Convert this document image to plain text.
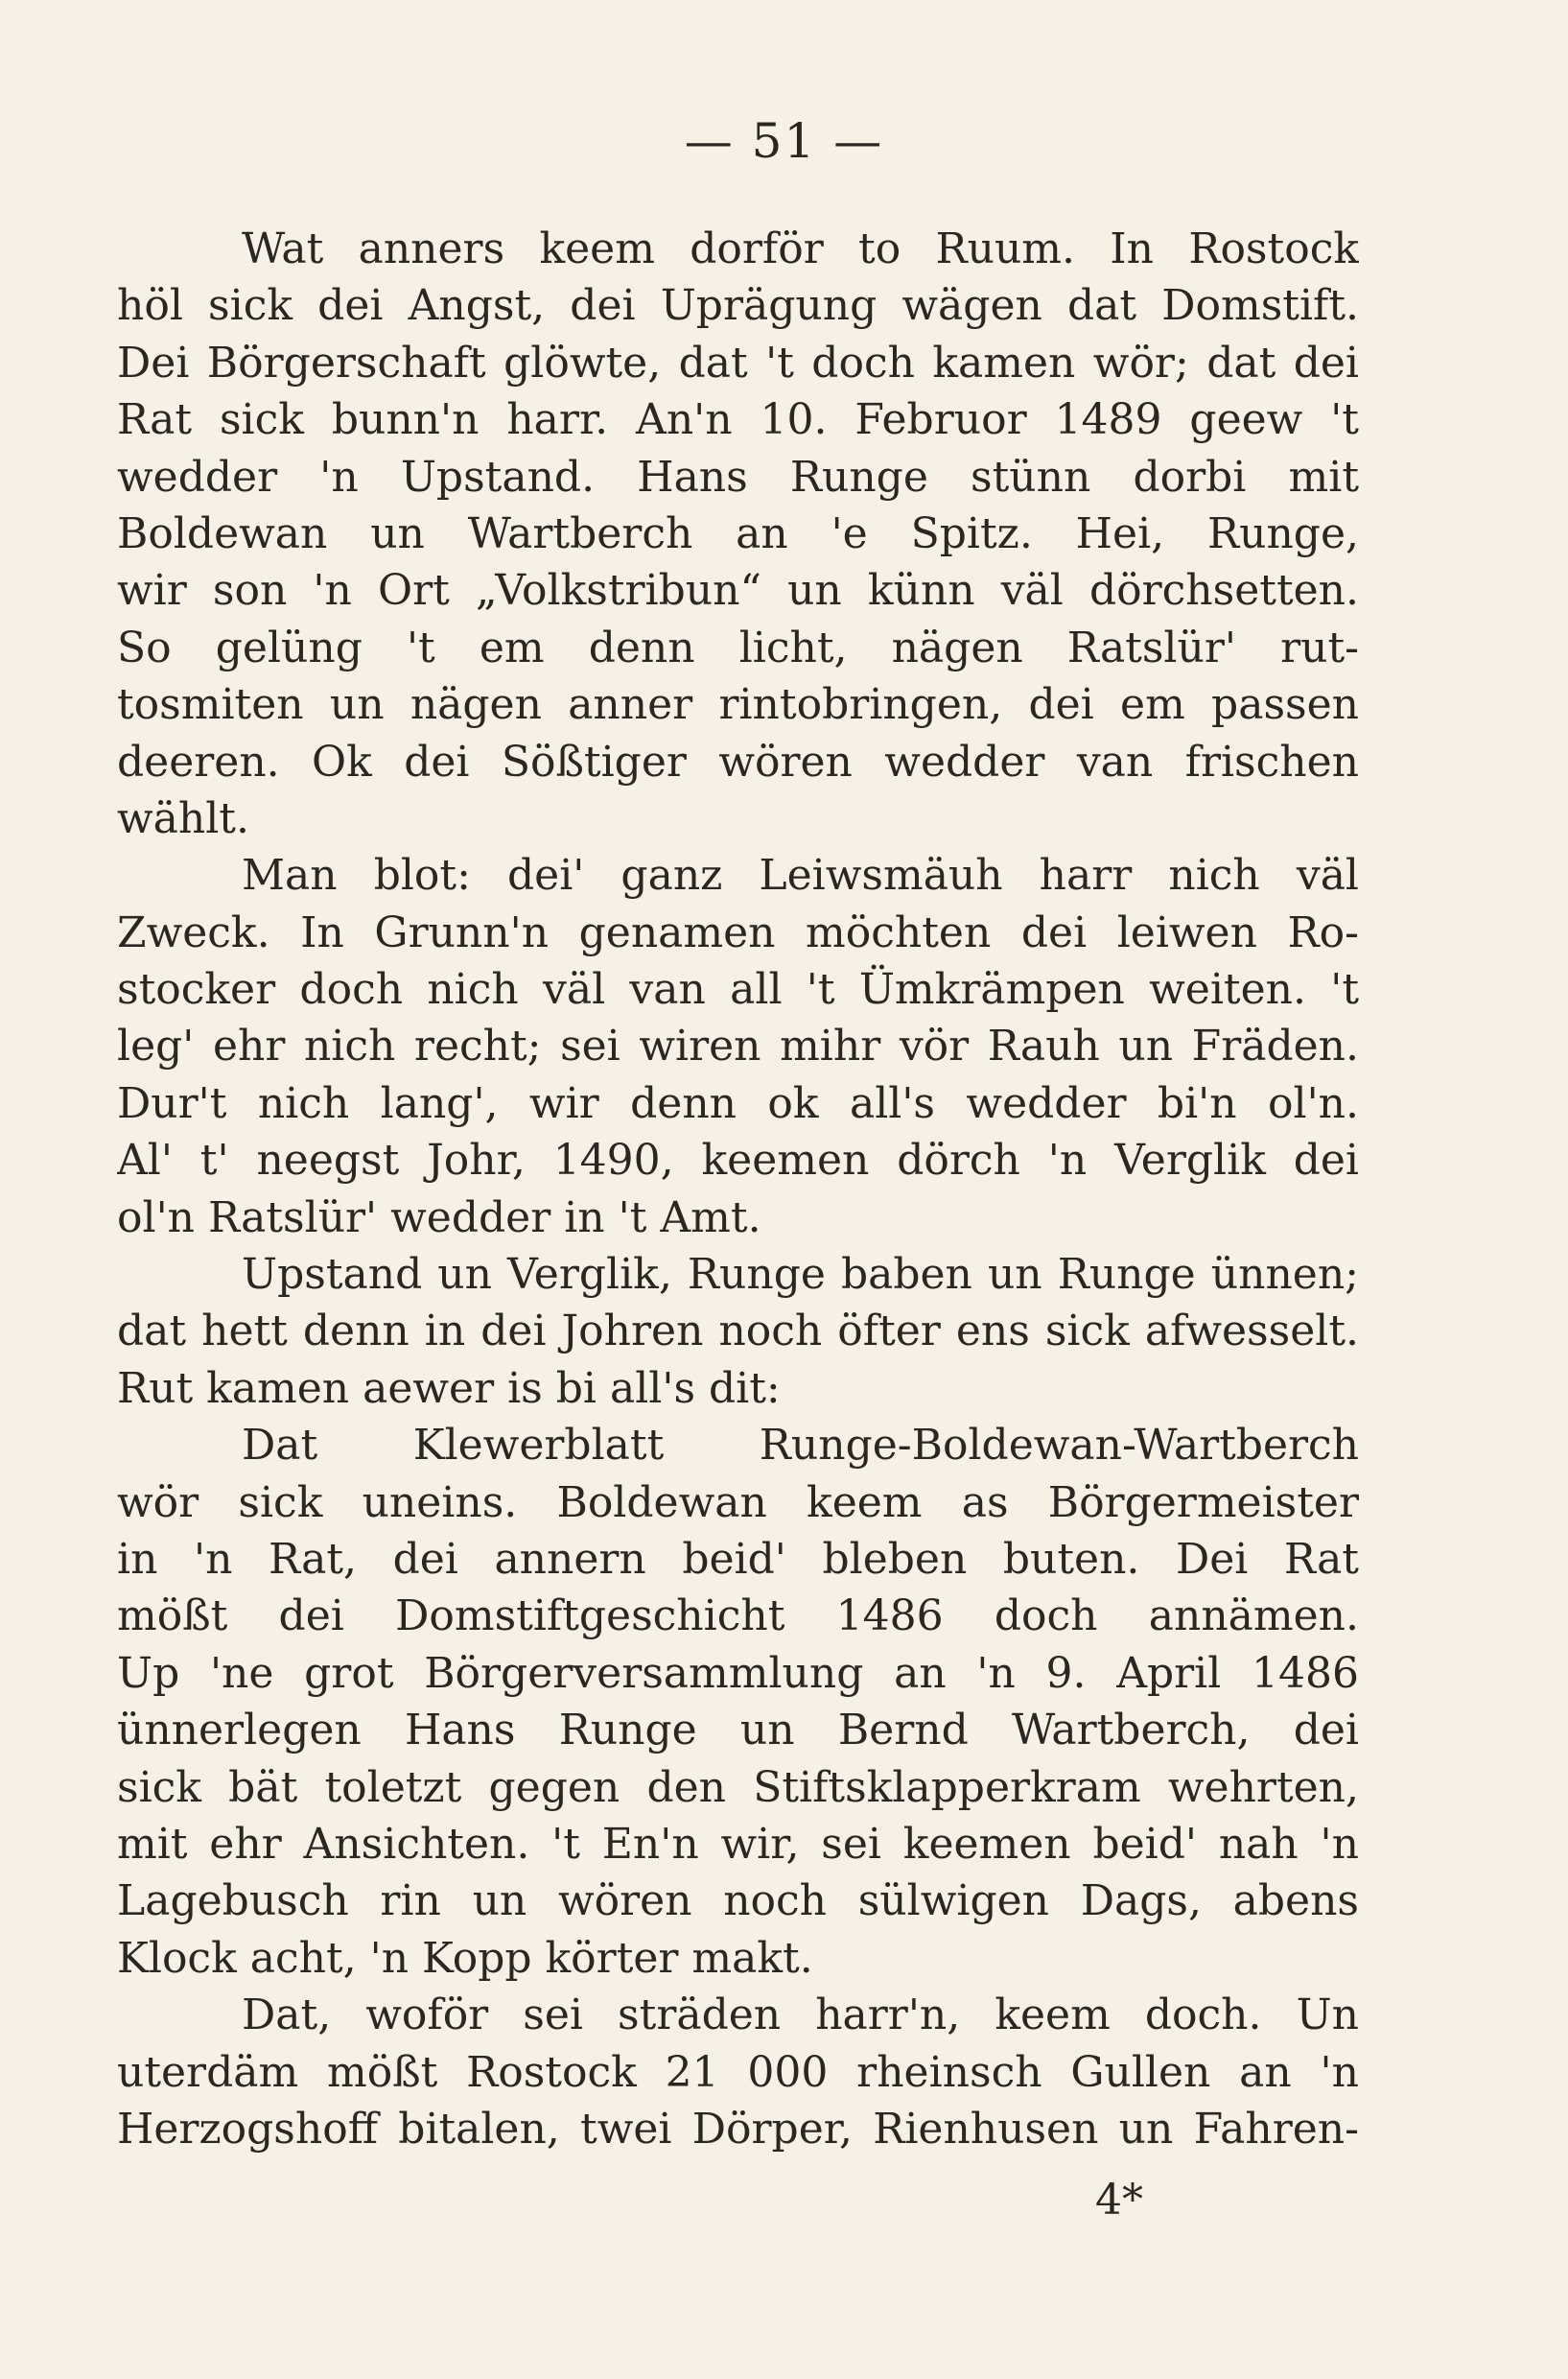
— 51 —
Wat anners keem dorför to Ruum. In Rostock
höl sick dei Angst, dei Uprägung wägen dat Domstift.
Dei Börgerschaft glöwte, dat 't doch kamen wör; dat dei
Rat sick bunn'n harr. An'n 10. Februor 1489 geew 't
wedder 'n Upstand. Hans Runge stünn dorbi mit
Boldewan un Wartberch an 'e Spitz. Hei, Runge,
wir son 'n Ort „Volkstribun“ un künn väl dörchsetten.
So gelüng 't em denn licht, nägen Ratslür' rut-
tosmiten un nägen anner rintobringen, dei em passen
deeren. Ok dei Sößtiger wören wedder van frischen
wählt.
Man blot: dei' ganz Leiwsmäuh harr nich väl
Zweck. In Grunn'n genamen möchten dei leiwen Ro-
stocker doch nich väl van all 't Ümkrämpen weiten. 't
leg' ehr nich recht; sei wiren mihr vör Rauh un Fräden.
Dur't nich lang', wir denn ok all's wedder bi'n ol'n.
Al' t' neegst Johr, 1490, keemen dörch 'n Verglik dei
ol'n Ratslür' wedder in 't Amt.
Upstand un Verglik, Runge baben un Runge ünnen;
dat hett denn in dei Johren noch öfter ens sick afwesselt.
Rut kamen aewer is bi all's dit:
Dat Klewerblatt Runge-Boldewan-Wartberch
wör sick uneins. Boldewan keem as Börgermeister
in 'n Rat, dei annern beid' bleben buten. Dei Rat
mößt dei Domstiftgeschicht 1486 doch annämen.
Up 'ne grot Börgerversammlung an 'n 9. April 1486
ünnerlegen Hans Runge un Bernd Wartberch, dei
sick bät toletzt gegen den Stiftsklapperkram wehrten,
mit ehr Ansichten. 't En'n wir, sei keemen beid' nah 'n
Lagebusch rin un wören noch sülwigen Dags, abens
Klock acht, 'n Kopp körter makt.
Dat, woför sei sträden harr'n, keem doch. Un
uterdäm mößt Rostock 21 000 rheinsch Gullen an 'n
Herzogshoff bitalen, twei Dörper, Rienhusen un Fahren-
4*
